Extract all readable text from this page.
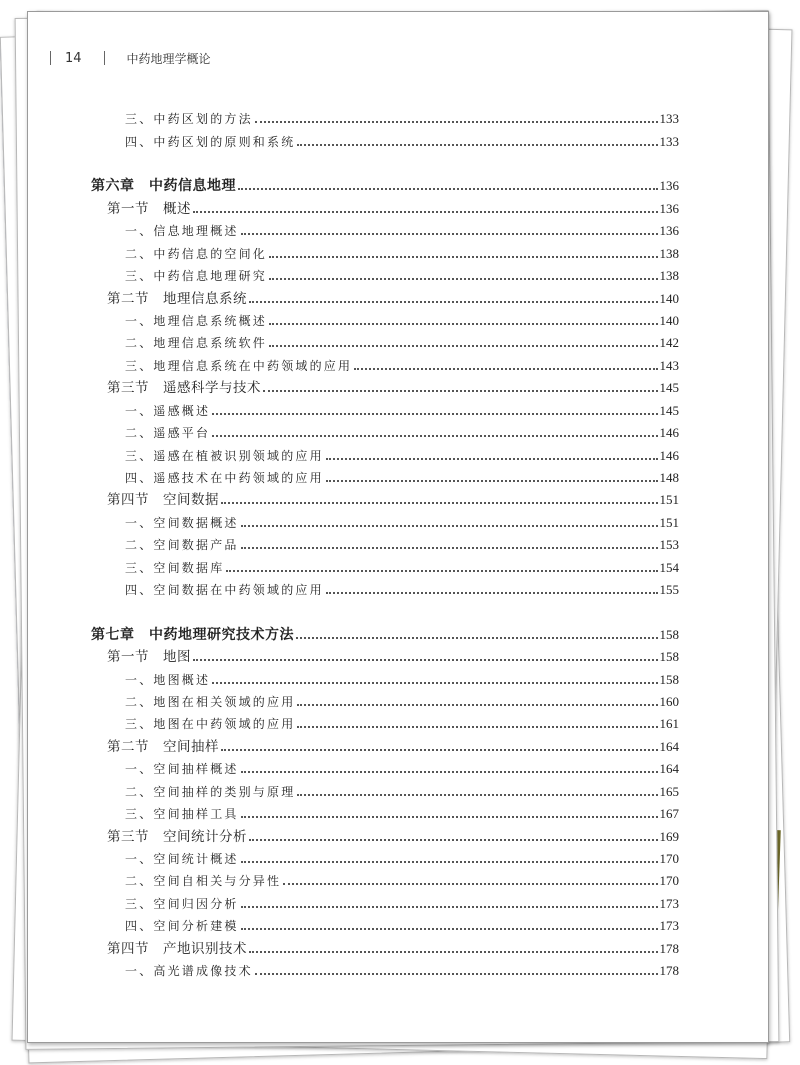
14	中药地理学概论
三、中药区划的方法	133
四、中药区划的原则和系统	133
第六章　中药信息地理	136
第一节　概述	136
一、信息地理概述	136
二、中药信息的空间化	138
三、中药信息地理研究	138
第二节　地理信息系统	140
一、地理信息系统概述	140
二、地理信息系统软件	142
三、地理信息系统在中药领域的应用	143
第三节　遥感科学与技术	145
一、遥感概述	145
二、遥感平台	146
三、遥感在植被识别领域的应用	146
四、遥感技术在中药领域的应用	148
第四节　空间数据	151
一、空间数据概述	151
二、空间数据产品	153
三、空间数据库	154
四、空间数据在中药领域的应用	155
第七章　中药地理研究技术方法	158
第一节　地图	158
一、地图概述	158
二、地图在相关领域的应用	160
三、地图在中药领域的应用	161
第二节　空间抽样	164
一、空间抽样概述	164
二、空间抽样的类别与原理	165
三、空间抽样工具	167
第三节　空间统计分析	169
一、空间统计概述	170
二、空间自相关与分异性	170
三、空间归因分析	173
四、空间分析建模	173
第四节　产地识别技术	178
一、高光谱成像技术	178
